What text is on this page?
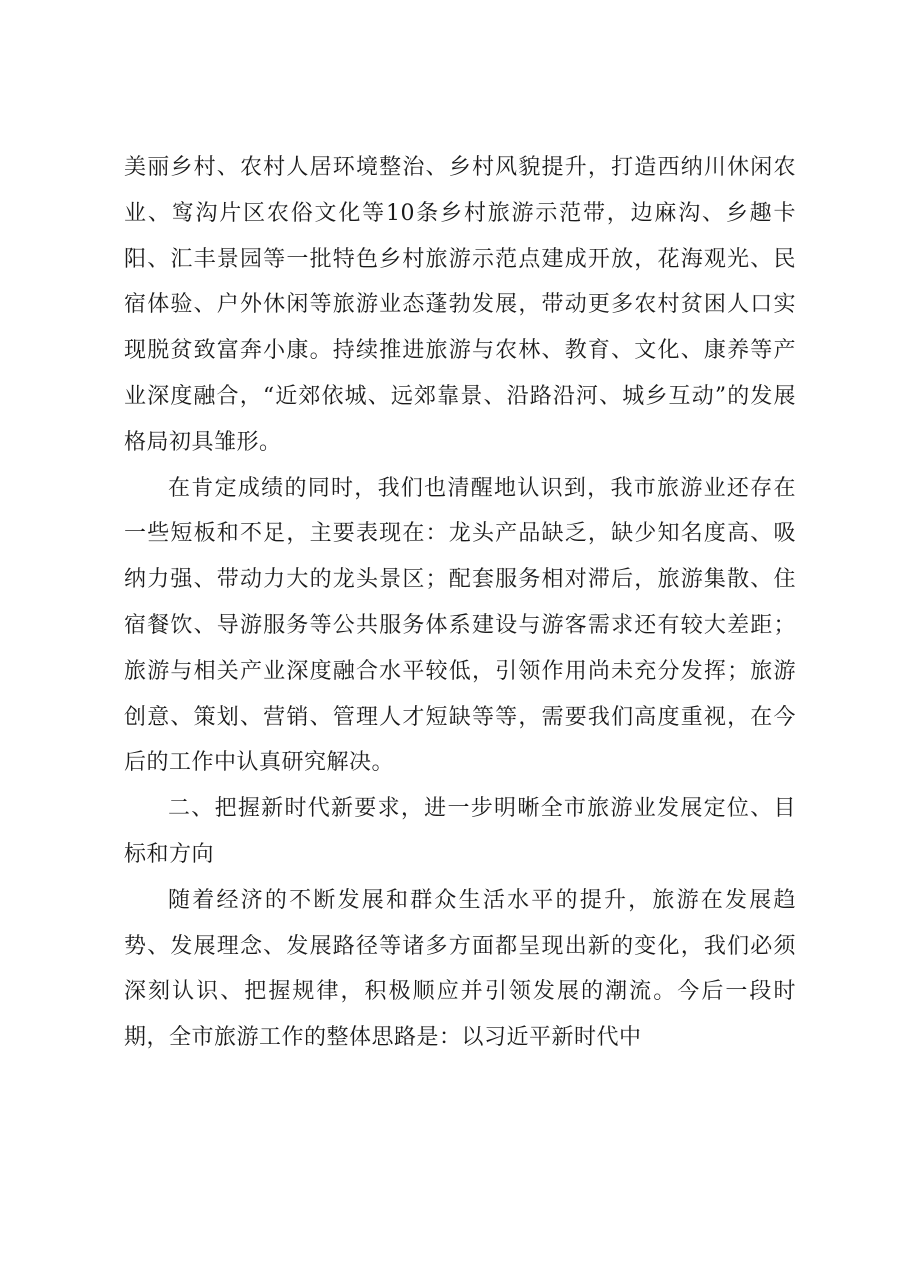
美丽乡村、农村人居环境整治、乡村风貌提升，打造西纳川休闲农业、窎沟片区农俗文化等10条乡村旅游示范带，边麻沟、乡趣卡阳、汇丰景园等一批特色乡村旅游示范点建成开放，花海观光、民宿体验、户外休闲等旅游业态蓬勃发展，带动更多农村贫困人口实现脱贫致富奔小康。持续推进旅游与农林、教育、文化、康养等产业深度融合，“近郊依城、远郊靠景、沿路沿河、城乡互动”的发展格局初具雏形。

在肯定成绩的同时，我们也清醒地认识到，我市旅游业还存在一些短板和不足，主要表现在：龙头产品缺乏，缺少知名度高、吸纳力强、带动力大的龙头景区；配套服务相对滞后，旅游集散、住宿餐饮、导游服务等公共服务体系建设与游客需求还有较大差距；旅游与相关产业深度融合水平较低，引领作用尚未充分发挥；旅游创意、策划、营销、管理人才短缺等等，需要我们高度重视，在今后的工作中认真研究解决。

二、把握新时代新要求，进一步明晰全市旅游业发展定位、目标和方向

随着经济的不断发展和群众生活水平的提升，旅游在发展趋势、发展理念、发展路径等诸多方面都呈现出新的变化，我们必须深刻认识、把握规律，积极顺应并引领发展的潮流。今后一段时期，全市旅游工作的整体思路是：以习近平新时代中
